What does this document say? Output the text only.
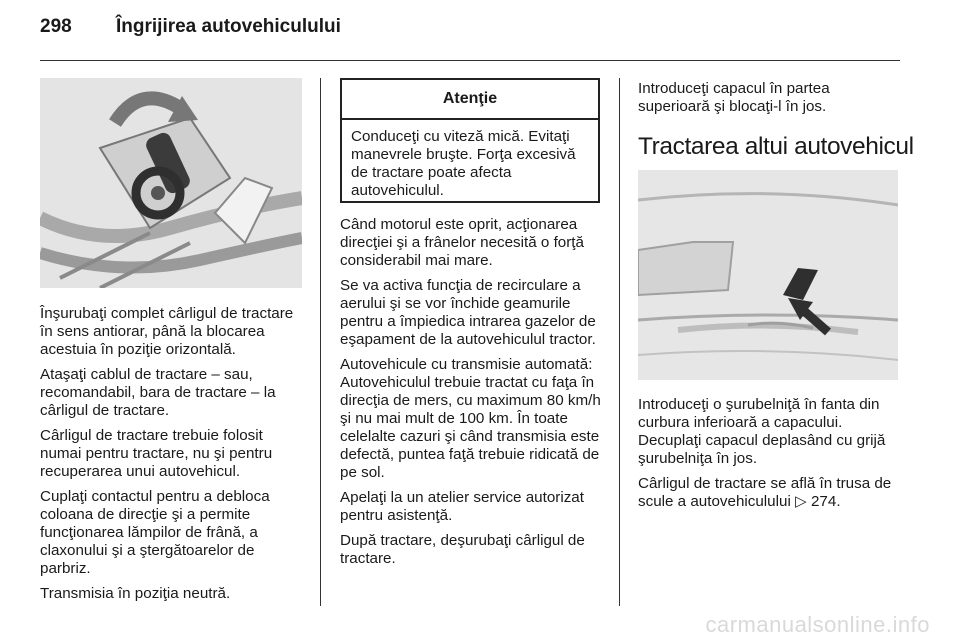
298 Îngrijirea autovehiculului

Înşurubaţi complet cârligul de tractare în sens antiorar, până la blocarea acestuia în poziţie orizontală.

Ataşaţi cablul de tractare – sau, recomandabil, bara de tractare – la cârligul de tractare.

Cârligul de tractare trebuie folosit numai pentru tractare, nu şi pentru recuperarea unui autovehicul.

Cuplaţi contactul pentru a debloca coloana de direcţie şi a permite funcţionarea lămpilor de frână, a claxonului şi a ştergătoarelor de parbriz.

Transmisia în poziţia neutră.

Atenţie
Conduceţi cu viteză mică. Evitaţi manevrele bruşte. Forţa excesivă de tractare poate afecta autovehiculul.

Când motorul este oprit, acţionarea direcţiei şi a frânelor necesită o forţă considerabil mai mare.

Se va activa funcţia de recirculare a aerului şi se vor închide geamurile pentru a împiedica intrarea gazelor de eşapament de la autovehiculul tractor.

Autovehicule cu transmisie automată: Autovehiculul trebuie tractat cu faţa în direcţia de mers, cu maximum 80 km/h şi nu mai mult de 100 km. În toate celelalte cazuri şi când transmisia este defectă, puntea faţă trebuie ridicată de pe sol.

Apelaţi la un atelier service autorizat pentru asistenţă.

După tractare, deşurubaţi cârligul de tractare.

Introduceţi capacul în partea superioară şi blocaţi-l în jos.

Tractarea altui autovehicul

Introduceţi o şurubelniţă în fanta din curbura inferioară a capacului. Decuplaţi capacul deplasând cu grijă şurubelniţa în jos.

Cârligul de tractare se află în trusa de scule a autovehiculului ▷ 274.

carmanualsonline.info
